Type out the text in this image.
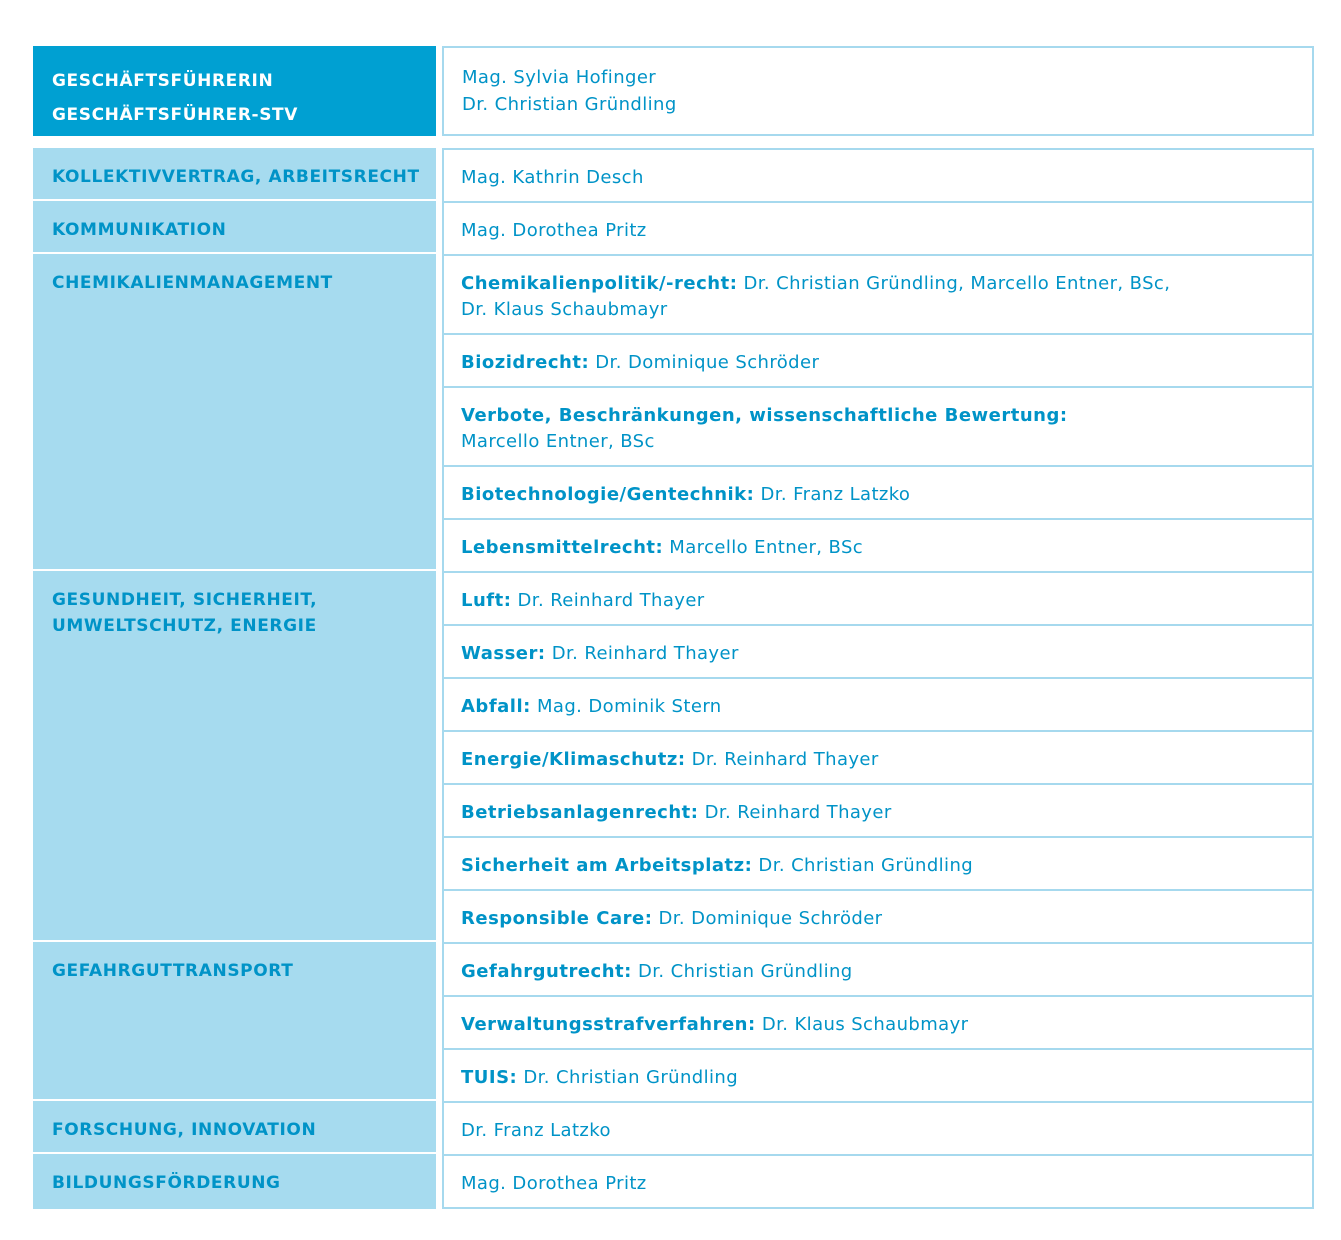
GESCHÄFTSFÜHRERIN
GESCHÄFTSFÜHRER-STV
Mag. Sylvia Hofinger
Dr. Christian Gründling
KOLLEKTIVVERTRAG, ARBEITSRECHT
KOMMUNIKATION
CHEMIKALIENMANAGEMENT
GESUNDHEIT, SICHERHEIT,
UMWELTSCHUTZ, ENERGIE
GEFAHRGUTTRANSPORT
FORSCHUNG, INNOVATION
BILDUNGSFÖRDERUNG
Mag. Kathrin Desch
Mag. Dorothea Pritz
Chemikalienpolitik/-recht: Dr. Christian Gründling, Marcello Entner, BSc,
Dr. Klaus Schaubmayr
Biozidrecht: Dr. Dominique Schröder
Verbote, Beschränkungen, wissenschaftliche Bewertung:
Marcello Entner, BSc
Biotechnologie/Gentechnik: Dr. Franz Latzko
Lebensmittelrecht: Marcello Entner, BSc
Luft: Dr. Reinhard Thayer
Wasser: Dr. Reinhard Thayer
Abfall: Mag. Dominik Stern
Energie/Klimaschutz: Dr. Reinhard Thayer
Betriebsanlagenrecht: Dr. Reinhard Thayer
Sicherheit am Arbeitsplatz: Dr. Christian Gründling
Responsible Care: Dr. Dominique Schröder
Gefahrgutrecht: Dr. Christian Gründling
Verwaltungsstrafverfahren: Dr. Klaus Schaubmayr
TUIS: Dr. Christian Gründling
Dr. Franz Latzko
Mag. Dorothea Pritz
